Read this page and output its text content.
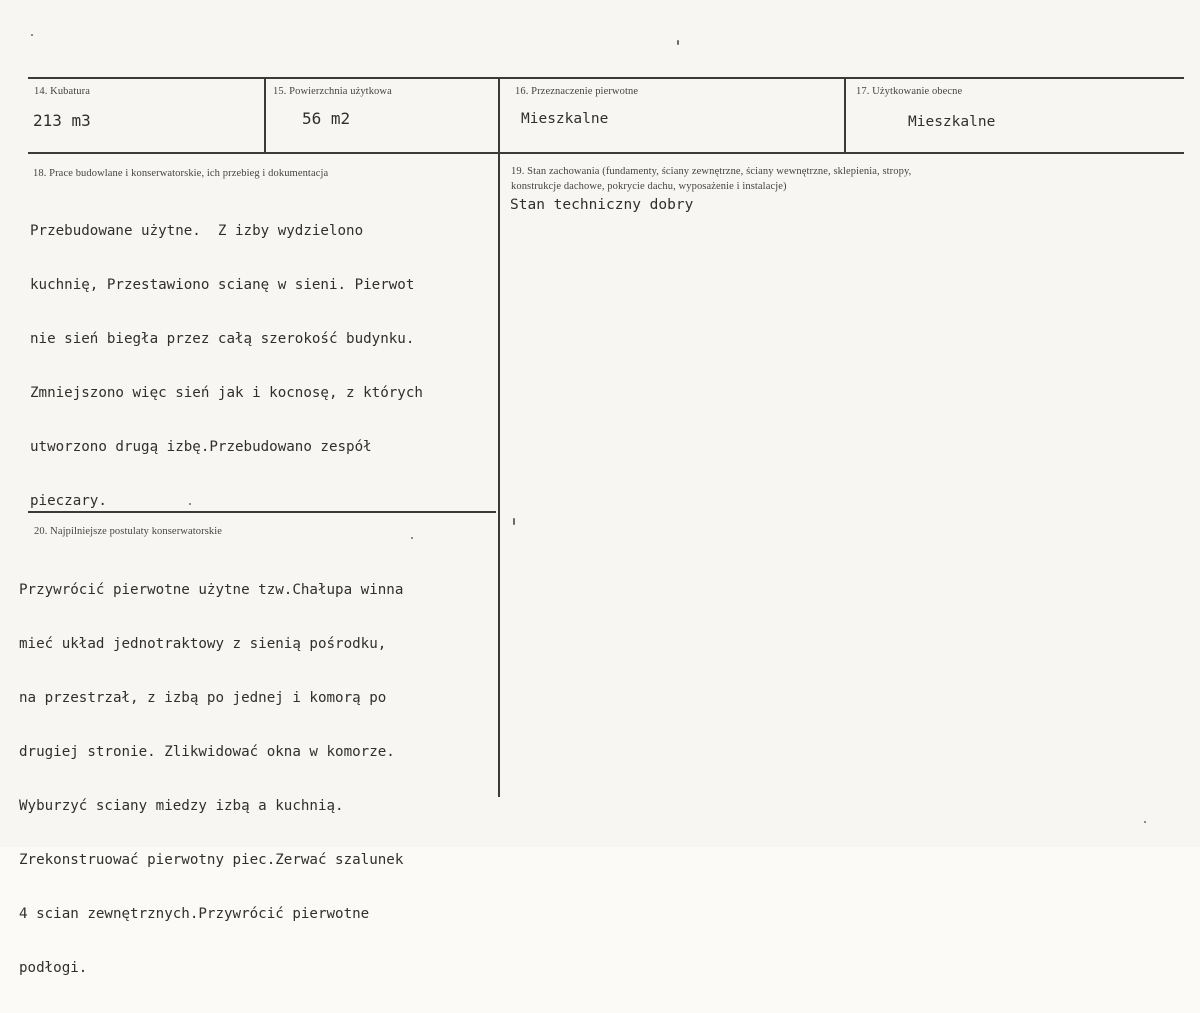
14. Kubatura
213 m3
15. Powierzchnia użytkowa
56 m2
16. Przeznaczenie pierwotne
Mieszkalne
17. Użytkowanie obecne
Mieszkalne
18. Prace budowlane i konserwatorskie, ich przebieg i dokumentacja

Przebudowane użytne.  Z izby wydzielono

kuchnię, Przestawiono scianę w sieni. Pierwot

nie sień biegła przez całą szerokość budynku.

Zmniejszono więc sień jak i kocnosę, z których

utworzono drugą izbę.Przebudowano zespół

pieczary.

19. Stan zachowania (fundamenty, ściany zewnętrzne, ściany wewnętrzne, sklepienia, stropy,
konstrukcje dachowe, pokrycie dachu, wyposażenie i instalacje)
Stan techniczny dobry
20. Najpilniejsze postulaty konserwatorskie

Przywrócić pierwotne użytne tzw.Chałupa winna

mieć układ jednotraktowy z sienią pośrodku,

na przestrzał, z izbą po jednej i komorą po

drugiej stronie. Zlikwidować okna w komorze.

Wyburzyć sciany miedzy izbą a kuchnią.

Zrekonstruować pierwotny piec.Zerwać szalunek

4 scian zewnętrznych.Przywrócić pierwotne

podłogi.
